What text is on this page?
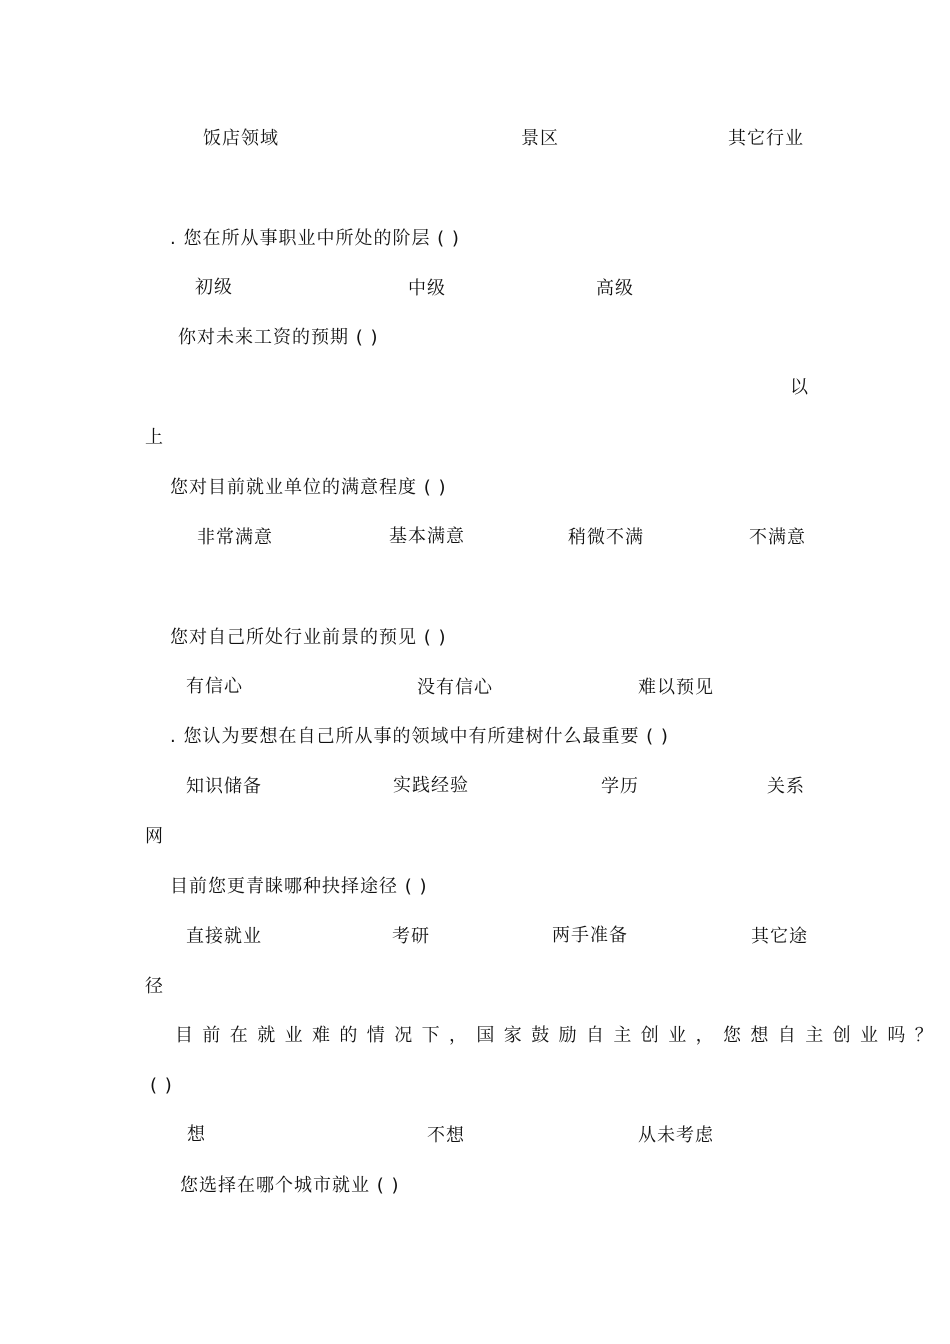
饭店领域	景区	其它行业
. 您在所从事职业中所处的阶层 ( )
初级	中级	高级
你对未来工资的预期 ( )
以
上
您对目前就业单位的满意程度 ( )
非常满意	基本满意	稍微不满	不满意
您对自己所处行业前景的预见 ( )
有信心	没有信心	难以预见
. 您认为要想在自己所从事的领域中有所建树什么最重要 ( )
知识储备	实践经验	学历	关系
网
目前您更青睐哪种抉择途径 ( )
直接就业	考研	两手准备	其它途
径
目前在就业难的情况下，国家鼓励自主创业，您想自主创业吗？
( )
想	不想	从未考虑
您选择在哪个城市就业 ( )
